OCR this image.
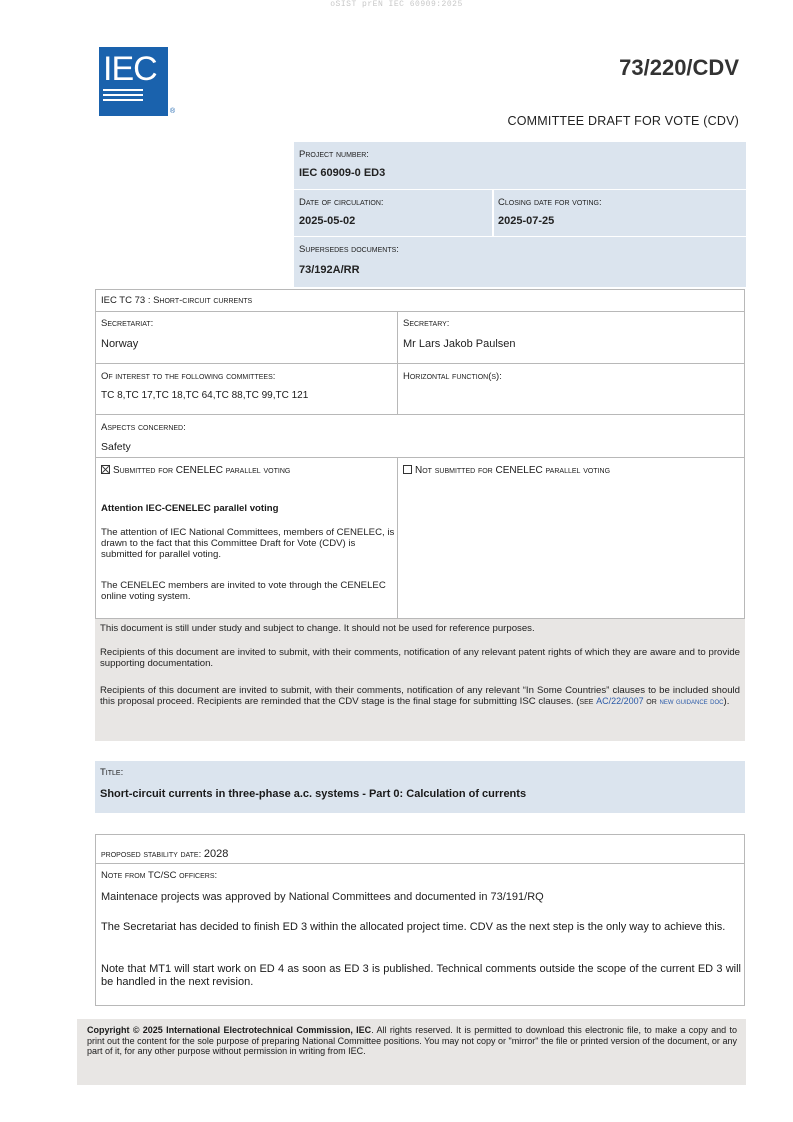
oSIST prEN IEC 60909:2025
IEC
®
73/220/CDV
COMMITTEE DRAFT FOR VOTE (CDV)
Project number:
IEC 60909-0 ED3
Date of circulation:
2025-05-02
Closing date for voting:
2025-07-25
Supersedes documents:
73/192A/RR
IEC TC 73 : Short-circuit currents
Secretariat:
Norway
Secretary:
Mr Lars Jakob Paulsen
Of interest to the following committees:
TC 8,TC 17,TC 18,TC 64,TC 88,TC 99,TC 121
Horizontal function(s):
Aspects concerned:
Safety
Submitted for CENELEC parallel voting	Not submitted for CENELEC parallel voting
Attention IEC-CENELEC parallel voting
The attention of IEC National Committees, members of CENELEC, is drawn to the fact that this Committee Draft for Vote (CDV) is submitted for parallel voting.
The CENELEC members are invited to vote through the CENELEC online voting system.
This document is still under study and subject to change. It should not be used for reference purposes.
Recipients of this document are invited to submit, with their comments, notification of any relevant patent rights of which they are aware and to provide supporting documentation.
Recipients of this document are invited to submit, with their comments, notification of any relevant “In Some Countries” clauses to be included should this proposal proceed. Recipients are reminded that the CDV stage is the final stage for submitting ISC clauses. (see AC/22/2007 or new guidance doc).
Title:
Short-circuit currents in three-phase a.c. systems - Part 0: Calculation of currents
proposed stability date: 2028
Note from TC/SC officers:
Maintenace projects was approved by National Committees and documented in 73/191/RQ
The Secretariat has decided to finish ED 3 within the allocated project time. CDV as the next step is the only way to achieve this.
Note that MT1 will start work on ED 4 as soon as ED 3 is published. Technical comments outside the scope of the current ED 3 will be handled in the next revision.
Copyright © 2025 International Electrotechnical Commission, IEC. All rights reserved. It is permitted to download this electronic file, to make a copy and to print out the content for the sole purpose of preparing National Committee positions. You may not copy or "mirror" the file or printed version of the document, or any part of it, for any other purpose without permission in writing from IEC.
